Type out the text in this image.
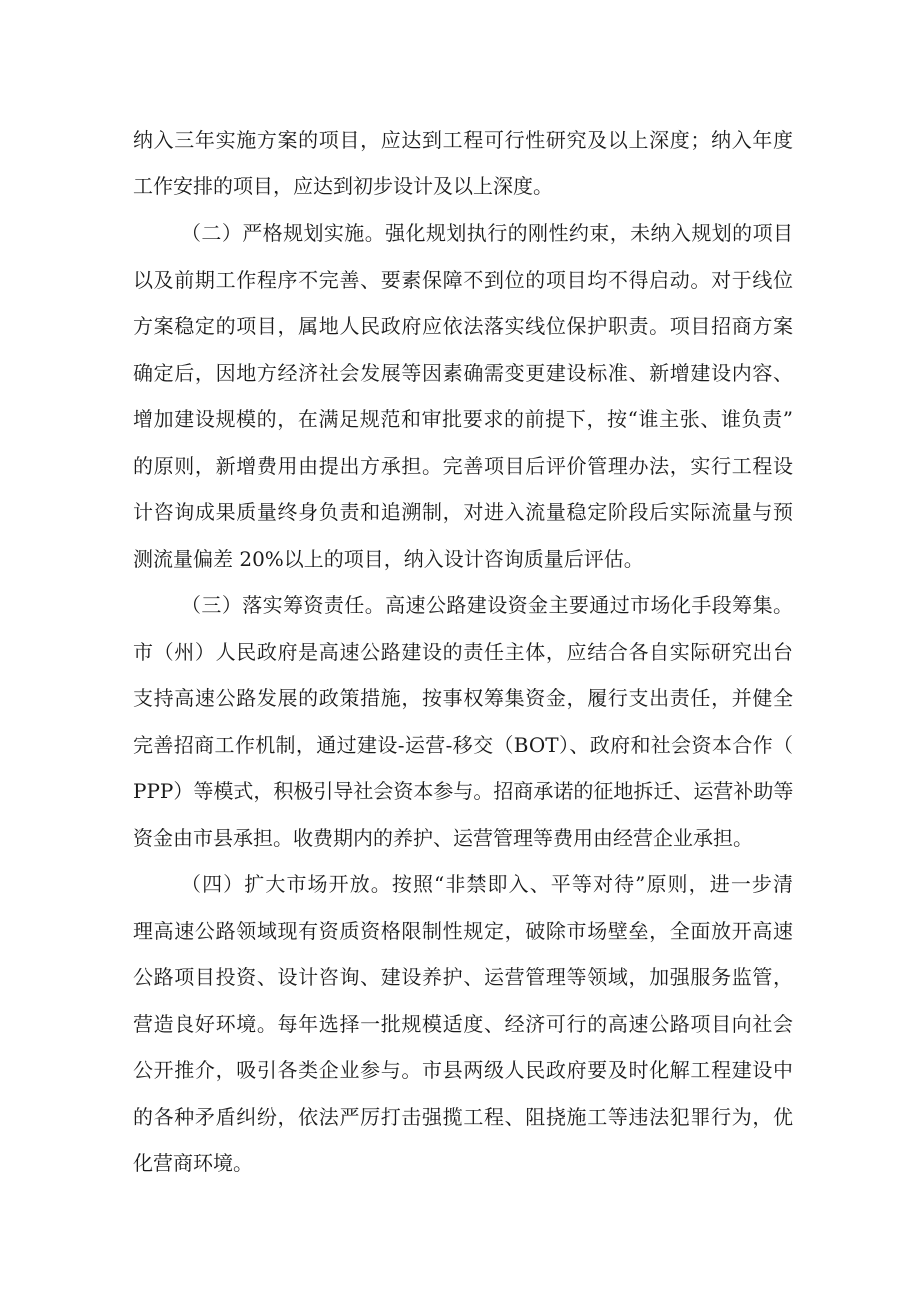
纳入三年实施方案的项目，应达到工程可行性研究及以上深度；纳入年度
工作安排的项目，应达到初步设计及以上深度。
（二）严格规划实施。强化规划执行的刚性约束，未纳入规划的项目
以及前期工作程序不完善、要素保障不到位的项目均不得启动。对于线位
方案稳定的项目，属地人民政府应依法落实线位保护职责。项目招商方案
确定后，因地方经济社会发展等因素确需变更建设标准、新增建设内容、
增加建设规模的，在满足规范和审批要求的前提下，按“谁主张、谁负责”
的原则，新增费用由提出方承担。完善项目后评价管理办法，实行工程设
计咨询成果质量终身负责和追溯制，对进入流量稳定阶段后实际流量与预
测流量偏差 20%以上的项目，纳入设计咨询质量后评估。
（三）落实筹资责任。高速公路建设资金主要通过市场化手段筹集。
市（州）人民政府是高速公路建设的责任主体，应结合各自实际研究出台
支持高速公路发展的政策措施，按事权筹集资金，履行支出责任，并健全
完善招商工作机制，通过建设-运营-移交（BOT）、政府和社会资本合作（
PPP）等模式，积极引导社会资本参与。招商承诺的征地拆迁、运营补助等
资金由市县承担。收费期内的养护、运营管理等费用由经营企业承担。
（四）扩大市场开放。按照“非禁即入、平等对待”原则，进一步清
理高速公路领域现有资质资格限制性规定，破除市场壁垒，全面放开高速
公路项目投资、设计咨询、建设养护、运营管理等领域，加强服务监管，
营造良好环境。每年选择一批规模适度、经济可行的高速公路项目向社会
公开推介，吸引各类企业参与。市县两级人民政府要及时化解工程建设中
的各种矛盾纠纷，依法严厉打击强揽工程、阻挠施工等违法犯罪行为，优
化营商环境。
